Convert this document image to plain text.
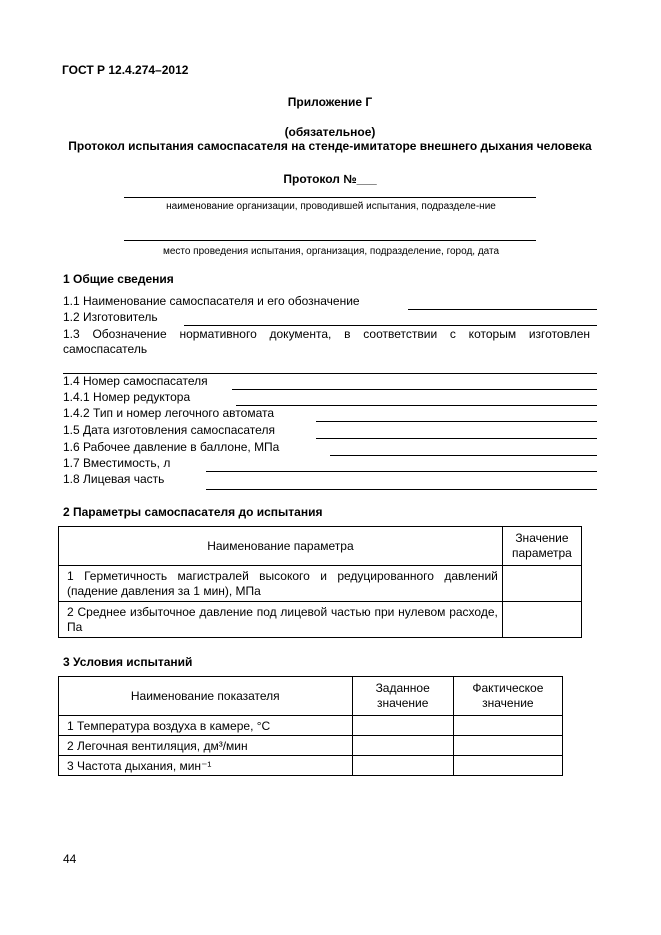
ГОСТ Р 12.4.274–2012
Приложение Г
(обязательное)
Протокол испытания самоспасателя на стенде-имитаторе внешнего дыхания человека
Протокол №___
наименование организации, проводившей испытания, подразделе-ние
место проведения испытания, организация, подразделение, город, дата
1 Общие сведения
1.1 Наименование самоспасателя и его обозначение
1.2 Изготовитель
1.3 Обозначение нормативного документа, в соответствии с которым изготовлен самоспасатель
1.4 Номер самоспасателя
1.4.1 Номер редуктора
1.4.2 Тип и номер легочного автомата
1.5 Дата изготовления самоспасателя
1.6 Рабочее давление в баллоне, МПа
1.7 Вместимость, л
1.8 Лицевая часть
2 Параметры самоспасателя до испытания
Наименование параметра	Значение параметра
1 Герметичность магистралей высокого и редуцированного давлений (падение давления за 1 мин), МПа	
2 Среднее избыточное давление под лицевой частью при нулевом расходе, Па	
3 Условия испытаний
Наименование показателя	Заданное значение	Фактическое значение
1 Температура воздуха в камере, °С		
2 Легочная вентиляция, дм³/мин		
3 Частота дыхания, мин⁻¹		
44
